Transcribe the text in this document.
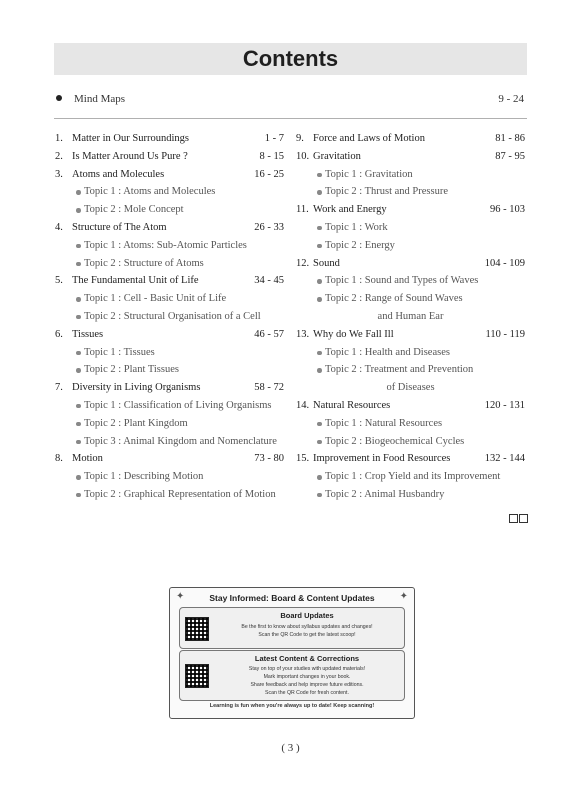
Contents
Mind Maps	9 - 24
1. Matter in Our Surroundings	1 - 7
2. Is Matter Around Us Pure ?	8 - 15
3. Atoms and Molecules	16 - 25
Topic 1 : Atoms and Molecules
Topic 2 : Mole Concept
4. Structure of The Atom	26 - 33
Topic 1 : Atoms: Sub-Atomic Particles
Topic 2 : Structure of Atoms
5. The Fundamental Unit of Life	34 - 45
Topic 1 : Cell - Basic Unit of Life
Topic 2 : Structural Organisation of a Cell
6. Tissues	46 - 57
Topic 1 : Tissues
Topic 2 : Plant Tissues
7. Diversity in Living Organisms	58 - 72
Topic 1 : Classification of Living Organisms
Topic 2 : Plant Kingdom
Topic 3 : Animal Kingdom and Nomenclature
8. Motion	73 - 80
Topic 1 : Describing Motion
Topic 2 : Graphical Representation of Motion
9. Force and Laws of Motion	81 - 86
10. Gravitation	87 - 95
Topic 1 : Gravitation
Topic 2 : Thrust and Pressure
11. Work and Energy	96 - 103
Topic 1 : Work
Topic 2 : Energy
12. Sound	104 - 109
Topic 1 : Sound and Types of Waves
Topic 2 : Range of Sound Waves
and Human Ear
13. Why do We Fall Ill	110 - 119
Topic 1 : Health and Diseases
Topic 2 : Treatment and Prevention
of Diseases
14. Natural Resources	120 - 131
Topic 1 : Natural Resources
Topic 2 : Biogeochemical Cycles
15. Improvement in Food Resources	132 - 144
Topic 1 : Crop Yield and its Improvement
Topic 2 : Animal Husbandry
✦	✦
Stay Informed: Board & Content Updates
Board Updates
Be the first to know about syllabus updates and changes!
Scan the QR Code to get the latest scoop!
Latest Content & Corrections
Stay on top of your studies with updated materials!
Mark important changes in your book.
Share feedback and help improve future editions.
Scan the QR Code for fresh content.
Learning is fun when you're always up to date! Keep scanning!
( 3 )
